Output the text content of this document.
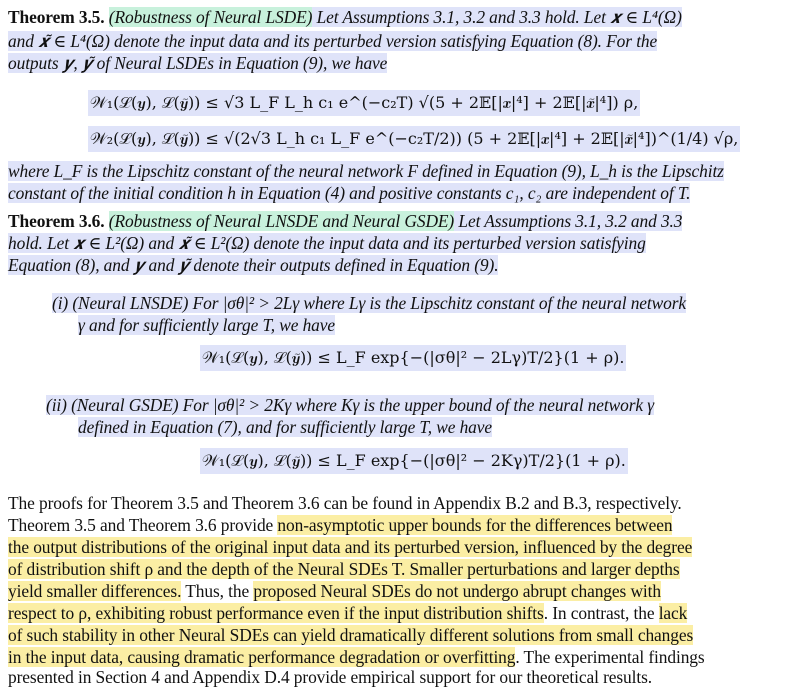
Theorem 3.5. (Robustness of Neural LSDE) Let Assumptions 3.1, 3.2 and 3.3 hold. Let 𝒙 ∈ L⁴(Ω)
and 𝒙̃ ∈ L⁴(Ω) denote the input data and its perturbed version satisfying Equation (8). For the
outputs 𝒚, 𝒚̃ of Neural LSDEs in Equation (9), we have
𝒲₁(ℒ(𝒚), ℒ(𝒚̃)) ≤ √3 L_F L_h c₁ e^(−c₂T) √(5 + 2𝔼[|𝒙|⁴] + 2𝔼[|𝒙̃|⁴]) ρ,
𝒲₂(ℒ(𝒚), ℒ(𝒚̃)) ≤ √(2√3 L_h c₁ L_F e^(−c₂T/2)) (5 + 2𝔼[|𝒙|⁴] + 2𝔼[|𝒙̃|⁴])^(1/4) √ρ,
where L_F is the Lipschitz constant of the neural network F defined in Equation (9), L_h is the Lipschitz
constant of the initial condition h in Equation (4) and positive constants c₁, c₂ are independent of T.
Theorem 3.6. (Robustness of Neural LNSDE and Neural GSDE) Let Assumptions 3.1, 3.2 and 3.3
hold. Let 𝒙 ∈ L²(Ω) and 𝒙̃ ∈ L²(Ω) denote the input data and its perturbed version satisfying
Equation (8), and 𝒚 and 𝒚̃ denote their outputs defined in Equation (9).
(i) (Neural LNSDE) For |σθ|² > 2Lγ where Lγ is the Lipschitz constant of the neural network
γ and for sufficiently large T, we have
𝒲₁(ℒ(𝒚), ℒ(𝒚̃)) ≤ L_F exp{−(|σθ|² − 2Lγ)T/2}(1 + ρ).
(ii) (Neural GSDE) For |σθ|² > 2Kγ where Kγ is the upper bound of the neural network γ
defined in Equation (7), and for sufficiently large T, we have
𝒲₁(ℒ(𝒚), ℒ(𝒚̃)) ≤ L_F exp{−(|σθ|² − 2Kγ)T/2}(1 + ρ).
The proofs for Theorem 3.5 and Theorem 3.6 can be found in Appendix B.2 and B.3, respectively.
Theorem 3.5 and Theorem 3.6 provide non-asymptotic upper bounds for the differences between
the output distributions of the original input data and its perturbed version, influenced by the degree
of distribution shift ρ and the depth of the Neural SDEs T. Smaller perturbations and larger depths
yield smaller differences. Thus, the proposed Neural SDEs do not undergo abrupt changes with
respect to ρ, exhibiting robust performance even if the input distribution shifts. In contrast, the lack
of such stability in other Neural SDEs can yield dramatically different solutions from small changes
in the input data, causing dramatic performance degradation or overfitting. The experimental findings
presented in Section 4 and Appendix D.4 provide empirical support for our theoretical results.
